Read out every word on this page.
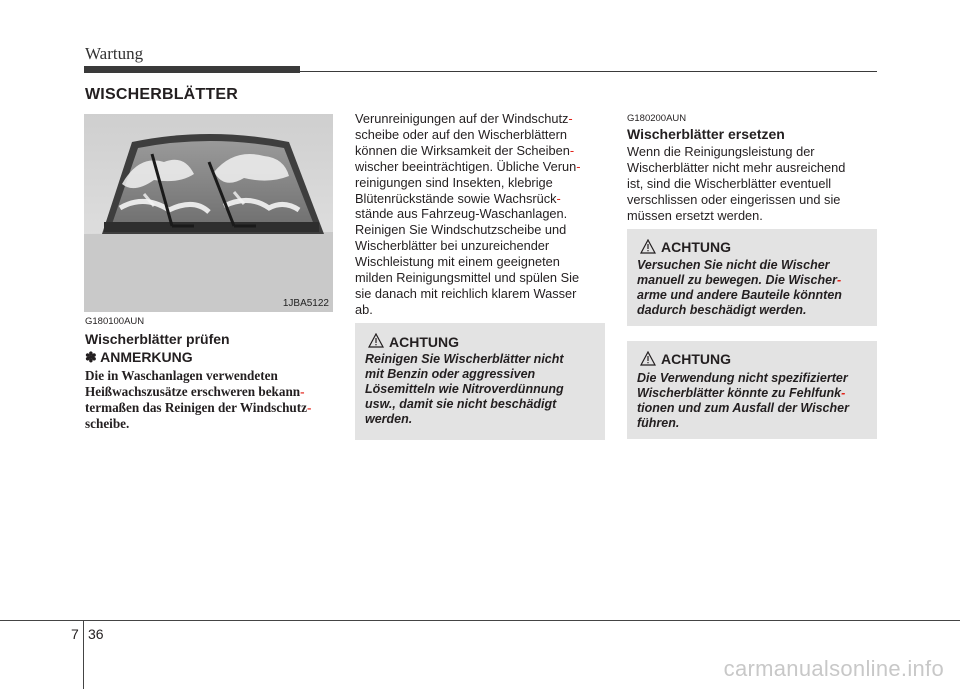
Wartung
WISCHERBLÄTTER
1JBA5122
G180100AUN
Wischerblätter prüfen
✽ ANMERKUNG
Die in Waschanlagen verwendeten
Heißwachszusätze erschweren bekann-
termaßen das Reinigen der Windschutz-
scheibe.
Verunreinigungen auf der Windschutz-
scheibe oder auf den Wischerblättern
können die Wirksamkeit der Scheiben-
wischer beeinträchtigen. Übliche Verun-
reinigungen sind Insekten, klebrige
Blütenrückstände sowie Wachsrück-
stände aus Fahrzeug-Waschanlagen.
Reinigen Sie Windschutzscheibe und
Wischerblätter bei unzureichender
Wischleistung mit einem geeigneten
milden Reinigungsmittel und spülen Sie
sie danach mit reichlich klarem Wasser
ab.
ACHTUNG
Reinigen Sie Wischerblätter nicht
mit Benzin oder aggressiven
Lösemitteln wie Nitroverdünnung
usw., damit sie nicht beschädigt
werden.
G180200AUN
Wischerblätter ersetzen
Wenn die Reinigungsleistung der
Wischerblätter nicht mehr ausreichend
ist, sind die Wischerblätter eventuell
verschlissen oder eingerissen und sie
müssen ersetzt werden.
ACHTUNG
Versuchen Sie nicht die Wischer
manuell zu bewegen. Die Wischer-
arme und andere Bauteile könnten
dadurch beschädigt werden.
ACHTUNG
Die Verwendung nicht spezifizierter
Wischerblätter könnte zu Fehlfunk-
tionen und zum Ausfall der Wischer
führen.
7 36
carmanualsonline.info
